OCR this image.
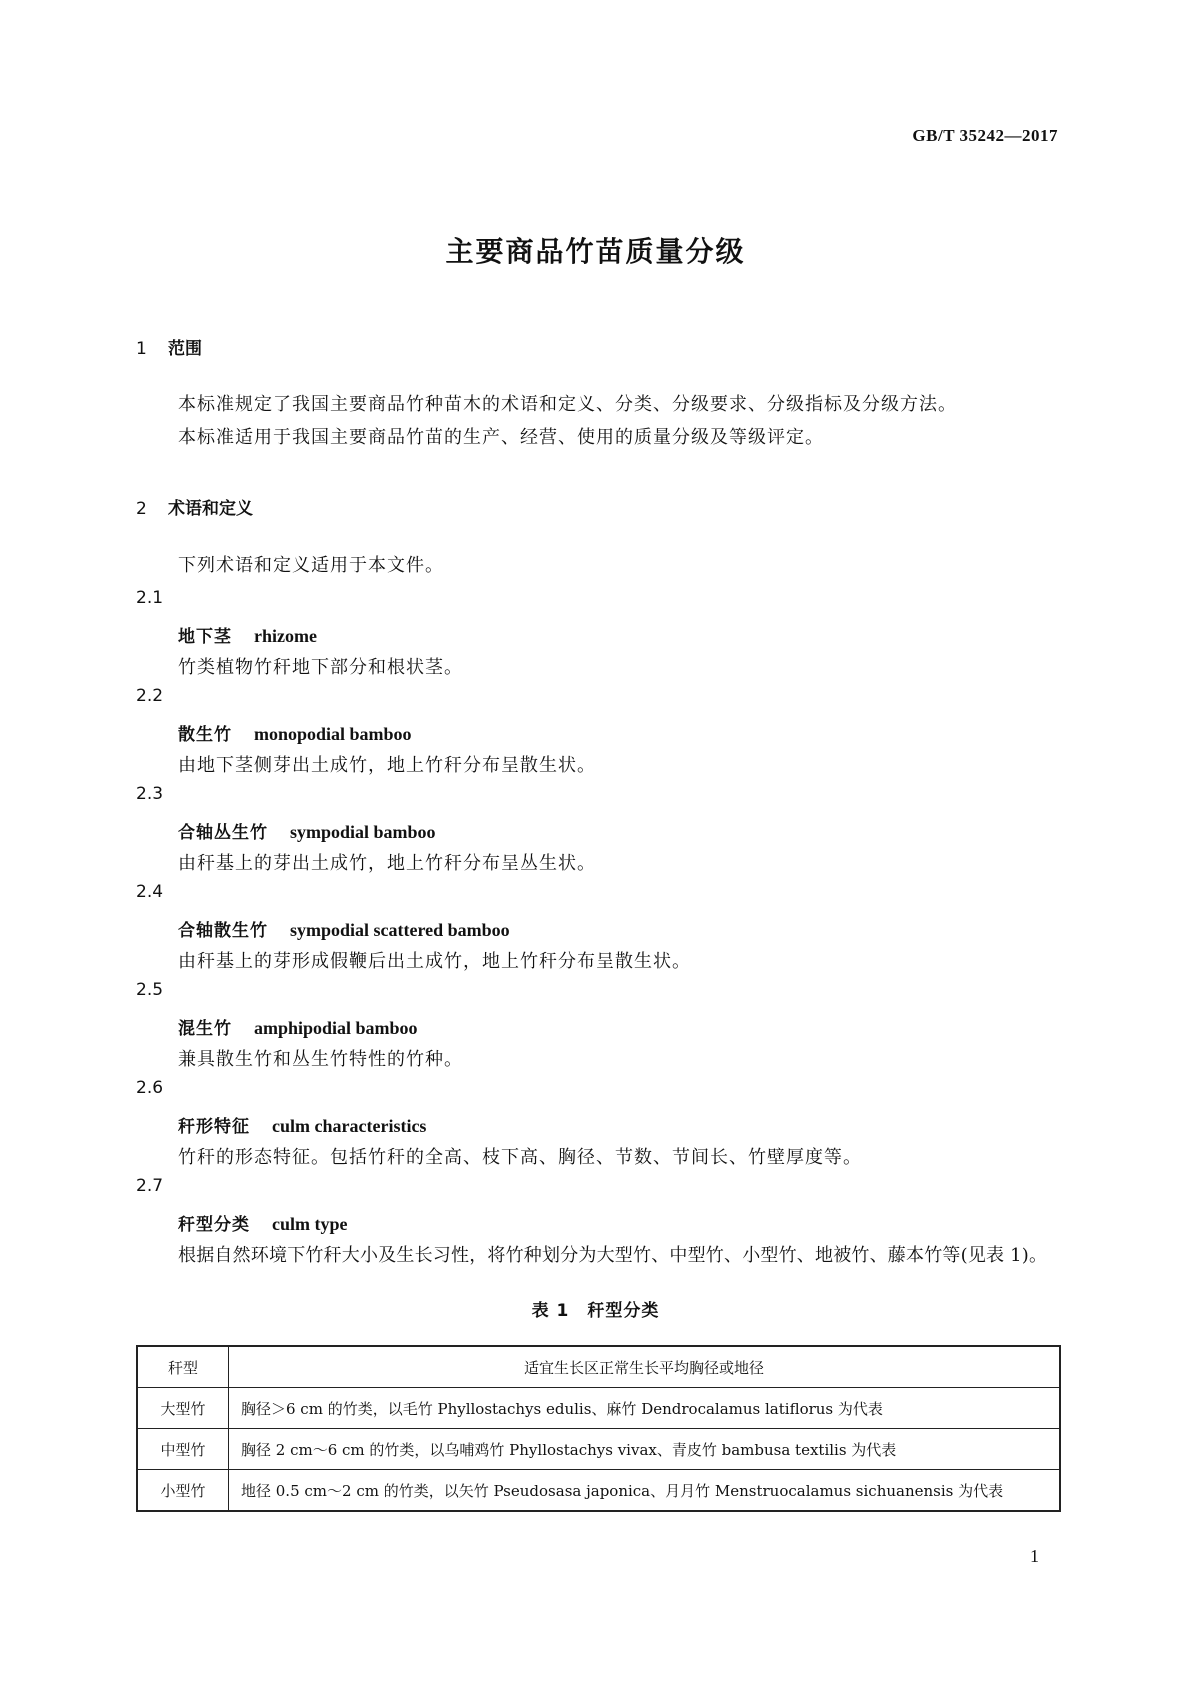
GB/T 35242—2017
主要商品竹苗质量分级
1 范围
本标准规定了我国主要商品竹种苗木的术语和定义、分类、分级要求、分级指标及分级方法。
本标准适用于我国主要商品竹苗的生产、经营、使用的质量分级及等级评定。
2 术语和定义
下列术语和定义适用于本文件。
2.1
地下茎 rhizome
竹类植物竹秆地下部分和根状茎。
2.2
散生竹 monopodial bamboo
由地下茎侧芽出土成竹，地上竹秆分布呈散生状。
2.3
合轴丛生竹 sympodial bamboo
由秆基上的芽出土成竹，地上竹秆分布呈丛生状。
2.4
合轴散生竹 sympodial scattered bamboo
由秆基上的芽形成假鞭后出土成竹，地上竹秆分布呈散生状。
2.5
混生竹 amphipodial bamboo
兼具散生竹和丛生竹特性的竹种。
2.6
秆形特征 culm characteristics
竹秆的形态特征。包括竹秆的全高、枝下高、胸径、节数、节间长、竹壁厚度等。
2.7
秆型分类 culm type
根据自然环境下竹秆大小及生长习性，将竹种划分为大型竹、中型竹、小型竹、地被竹、藤本竹等(见表 1)。
表 1　秆型分类
秆型	适宜生长区正常生长平均胸径或地径
大型竹	胸径＞6 cm 的竹类，以毛竹 Phyllostachys edulis、麻竹 Dendrocalamus latiflorus 为代表
中型竹	胸径 2 cm～6 cm 的竹类，以乌哺鸡竹 Phyllostachys vivax、青皮竹 bambusa textilis 为代表
小型竹	地径 0.5 cm～2 cm 的竹类，以矢竹 Pseudosasa japonica、月月竹 Menstruocalamus sichuanensis 为代表
1
